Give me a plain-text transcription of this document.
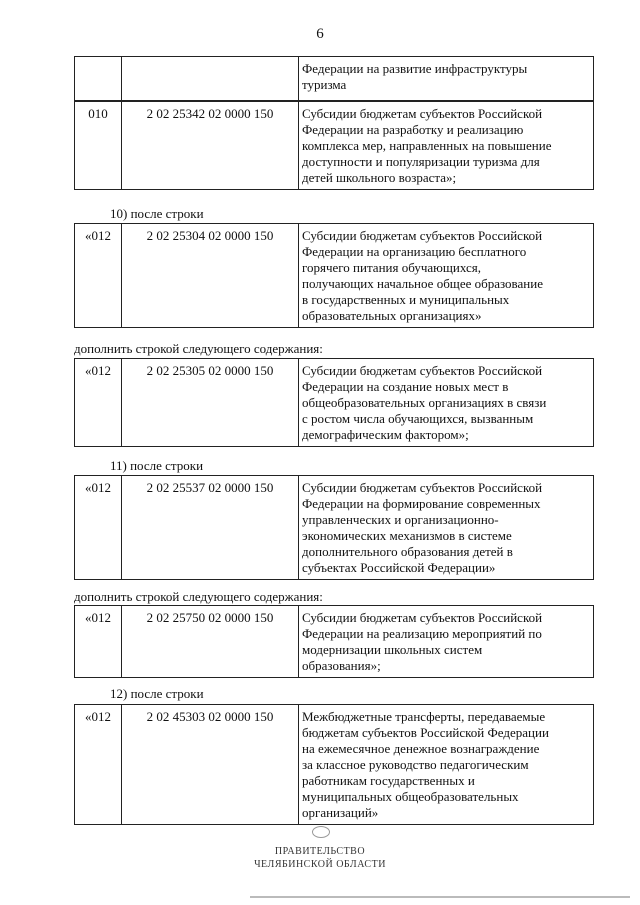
6

Федерации на развитие инфраструктуры
туризма
010	2 02 25342 02 0000 150	Субсидии бюджетам субъектов Российской
Федерации на разработку и реализацию
комплекса мер, направленных на повышение
доступности и популяризации туризма для
детей школьного возраста»;
10) после строки
«012	2 02 25304 02 0000 150	Субсидии бюджетам субъектов Российской
Федерации на организацию бесплатного
горячего питания обучающихся,
получающих начальное общее образование
в государственных и муниципальных
образовательных организациях»
дополнить строкой следующего содержания:
«012	2 02 25305 02 0000 150	Субсидии бюджетам субъектов Российской
Федерации на создание новых мест в
общеобразовательных организациях в связи
с ростом числа обучающихся, вызванным
демографическим фактором»;
11) после строки
«012	2 02 25537 02 0000 150	Субсидии бюджетам субъектов Российской
Федерации на формирование современных
управленческих и организационно-
экономических механизмов в системе
дополнительного образования детей в
субъектах Российской Федерации»
дополнить строкой следующего содержания:
«012	2 02 25750 02 0000 150	Субсидии бюджетам субъектов Российской
Федерации на реализацию мероприятий по
модернизации школьных систем
образования»;
12) после строки
«012	2 02 45303 02 0000 150	Межбюджетные трансферты, передаваемые
бюджетам субъектов Российской Федерации
на ежемесячное денежное вознаграждение
за классное руководство педагогическим
работникам государственных и
муниципальных общеобразовательных
организаций»
ПРАВИТЕЛЬСТВО
ЧЕЛЯБИНСКОЙ ОБЛАСТИ
